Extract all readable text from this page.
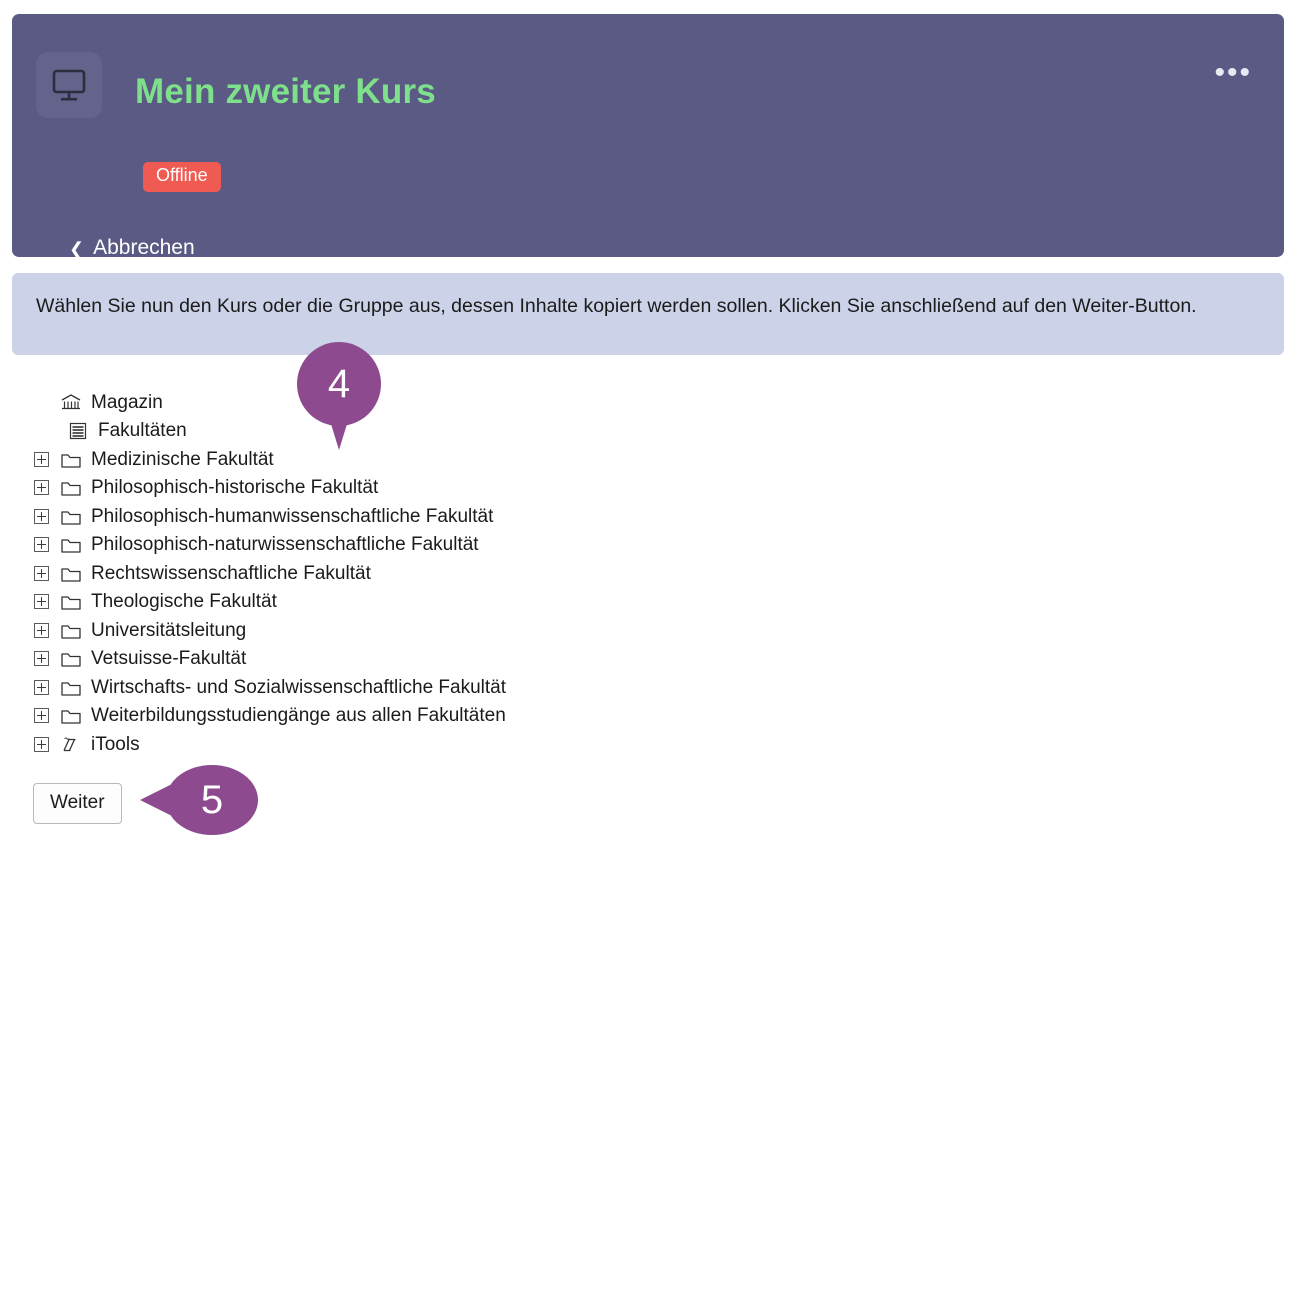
Mein zweiter Kurs
Offline
❮ Abbrechen
•••
Wählen Sie nun den Kurs oder die Gruppe aus, dessen Inhalte kopiert werden sollen. Klicken Sie anschließend auf den Weiter-Button.
Magazin
Fakultäten
Medizinische Fakultät
Philosophisch-historische Fakultät
Philosophisch-humanwissenschaftliche Fakultät
Philosophisch-naturwissenschaftliche Fakultät
Rechtswissenschaftliche Fakultät
Theologische Fakultät
Universitätsleitung
Vetsuisse-Fakultät
Wirtschafts- und Sozialwissenschaftliche Fakultät
Weiterbildungsstudiengänge aus allen Fakultäten
iTools
Weiter
4
5
